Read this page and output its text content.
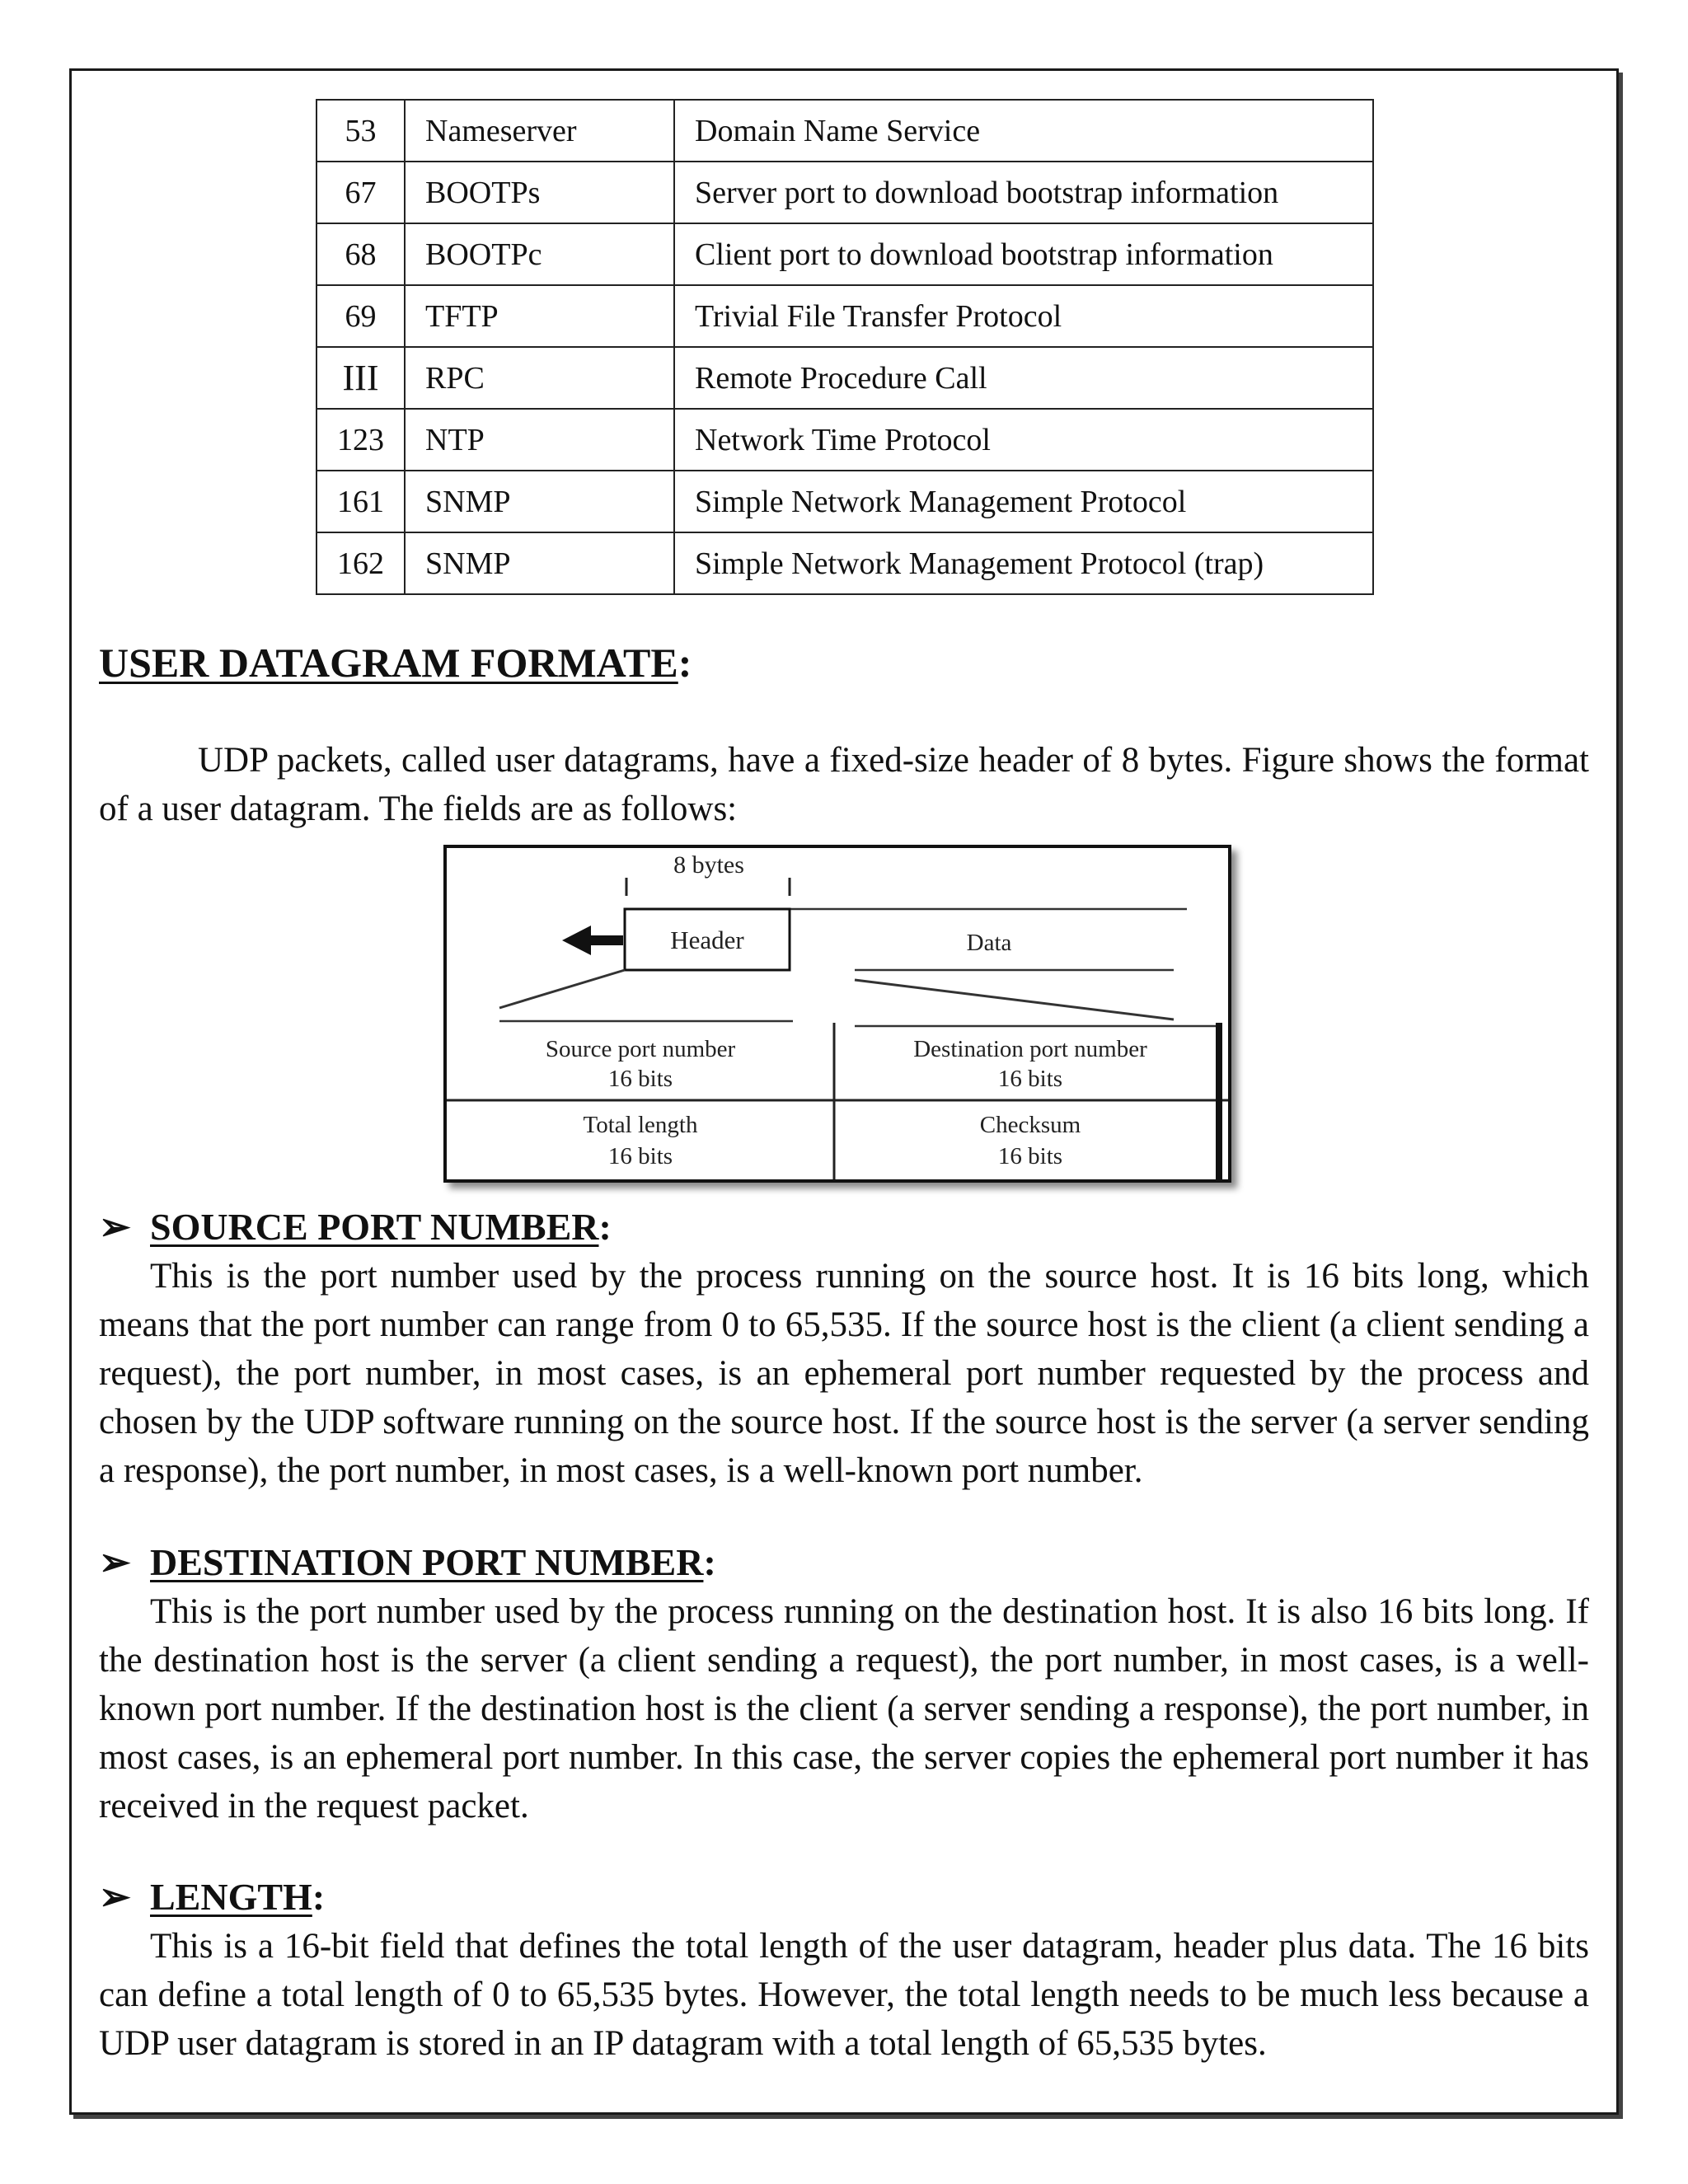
53	Nameserver	Domain Name Service
67	BOOTPs	Server port to download bootstrap information
68	BOOTPc	Client port to download bootstrap information
69	TFTP	Trivial File Transfer Protocol
III	RPC	Remote Procedure Call
123	NTP	Network Time Protocol
161	SNMP	Simple Network Management Protocol
162	SNMP	Simple Network Management Protocol (trap)
USER DATAGRAM FORMATE:

UDP packets, called user datagrams, have a fixed-size header of 8 bytes. Figure shows the format of a user datagram. The fields are as follows:

8 bytes
Header	Data
Source port number
16 bits
Destination port number
16 bits
Total length
16 bits
Checksum
16 bits
➢ SOURCE PORT NUMBER:

This is the port number used by the process running on the source host. It is 16 bits long, which means that the port number can range from 0 to 65,535. If the source host is the client (a client sending a request), the port number, in most cases, is an ephemeral port number requested by the process and chosen by the UDP software running on the source host. If the source host is the server (a server sending a response), the port number, in most cases, is a well-known port number.

➢ DESTINATION PORT NUMBER:

This is the port number used by the process running on the destination host. It is also 16 bits long. If the destination host is the server (a client sending a request), the port number, in most cases, is a well-known port number. If the destination host is the client (a server sending a response), the port number, in most cases, is an ephemeral port number. In this case, the server copies the ephemeral port number it has received in the request packet.

➢ LENGTH:

This is a 16-bit field that defines the total length of the user datagram, header plus data. The 16 bits can define a total length of 0 to 65,535 bytes. However, the total length needs to be much less because a UDP user datagram is stored in an IP datagram with a total length of 65,535 bytes.
